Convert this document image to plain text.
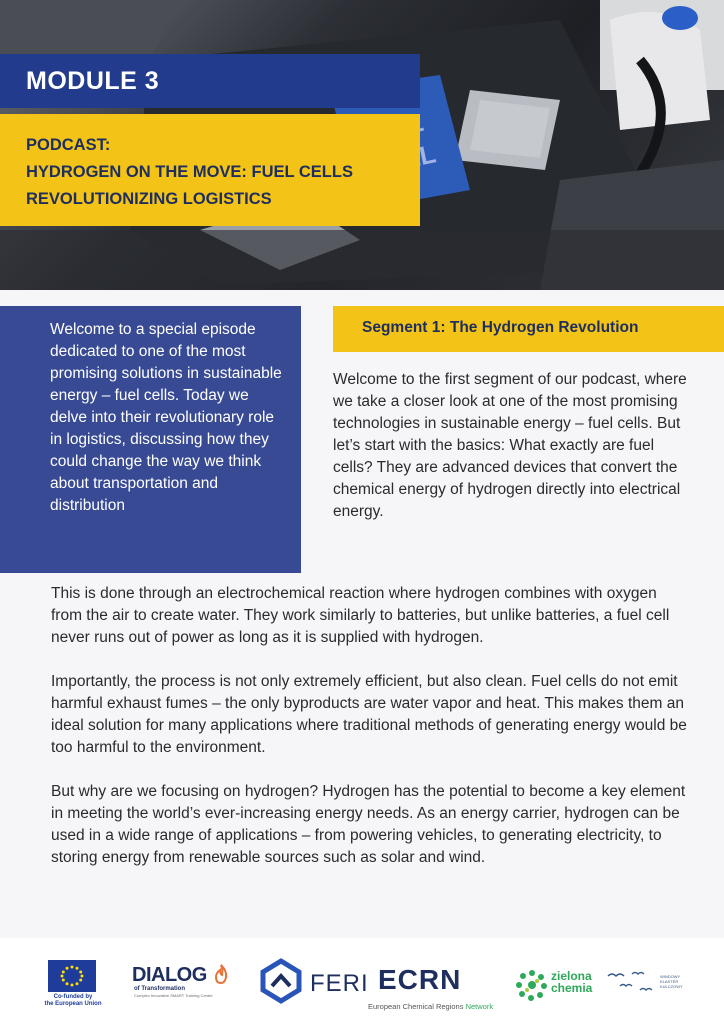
MODULE 3
PODCAST:
HYDROGEN ON THE MOVE: FUEL CELLS
REVOLUTIONIZING LOGISTICS
Welcome to a special episode dedicated to one of the most promising solutions in sustainable energy – fuel cells. Today we delve into their revolutionary role in logistics, discussing how they could change the way we think about transportation and distribution
Segment 1: The Hydrogen Revolution
Welcome to the first segment of our podcast, where we take a closer look at one of the most promising technologies in sustainable energy – fuel cells. But let’s start with the basics: What exactly are fuel cells? They are advanced devices that convert the chemical energy of hydrogen directly into electrical energy.

This is done through an electrochemical reaction where hydrogen combines with oxygen from the air to create water. They work similarly to batteries, but unlike batteries, a fuel cell never runs out of power as long as it is supplied with hydrogen.

Importantly, the process is not only extremely efficient, but also clean. Fuel cells do not emit harmful exhaust fumes – the only byproducts are water vapor and heat. This makes them an ideal solution for many applications where traditional methods of generating energy would be too harmful to the environment.

But why are we focusing on hydrogen? Hydrogen has the potential to become a key element in meeting the world’s ever-increasing energy needs. As an energy carrier, hydrogen can be used in a wide range of applications – from powering vehicles, to generating electricity, to storing energy from renewable sources such as solar and wind.

Co-funded by
the European Union
DIALOG
of Transformation
Complex Innovative SMART Training Centre	FERI ECRN
European Chemical Regions Network
zielona
chemia
WINDOWY
KLASTER
KULCZOWY
